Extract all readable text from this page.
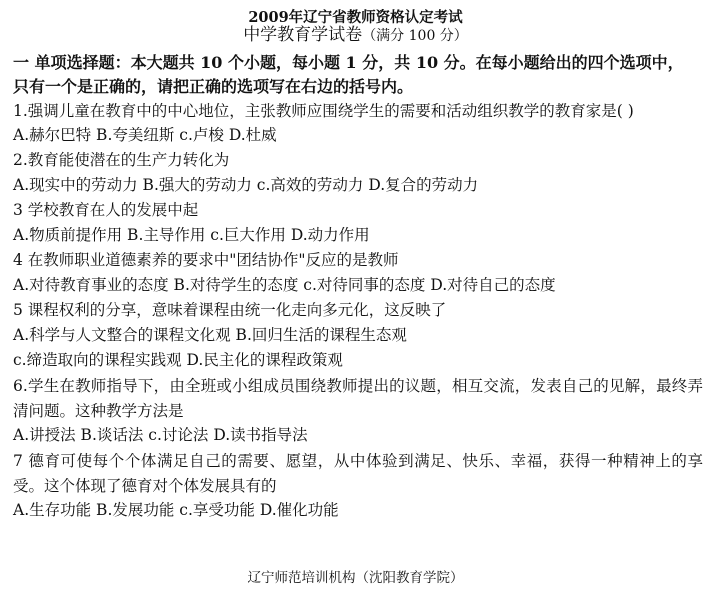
2009年辽宁省教师资格认定考试
中学教育学试卷（满分 100 分）
一 单项选择题：本大题共 10 个小题，每小题 1 分，共 10 分。在每小题给出的四个选项中，只有一个是正确的，请把正确的选项写在右边的括号内。
1.强调儿童在教育中的中心地位，主张教师应围绕学生的需要和活动组织教学的教育家是( )
A.赫尔巴特 B.夸美纽斯 c.卢梭 D.杜威
2.教育能使潜在的生产力转化为
A.现实中的劳动力 B.强大的劳动力 c.高效的劳动力 D.复合的劳动力
3 学校教育在人的发展中起
A.物质前提作用 B.主导作用 c.巨大作用 D.动力作用
4 在教师职业道德素养的要求中"团结协作"反应的是教师
A.对待教育事业的态度 B.对待学生的态度 c.对待同事的态度 D.对待自己的态度
5 课程权利的分享，意味着课程由统一化走向多元化，这反映了
A.科学与人文整合的课程文化观 B.回归生活的课程生态观
c.缔造取向的课程实践观 D.民主化的课程政策观
6.学生在教师指导下，由全班或小组成员围绕教师提出的议题，相互交流，发表自己的见解，最终弄清问题。这种教学方法是
A.讲授法 B.谈话法 c.讨论法 D.读书指导法
7 德育可使每个个体满足自己的需要、愿望，从中体验到满足、快乐、幸福，获得一种精神上的享受。这个体现了德育对个体发展具有的
A.生存功能 B.发展功能 c.享受功能 D.催化功能
辽宁师范培训机构（沈阳教育学院）
